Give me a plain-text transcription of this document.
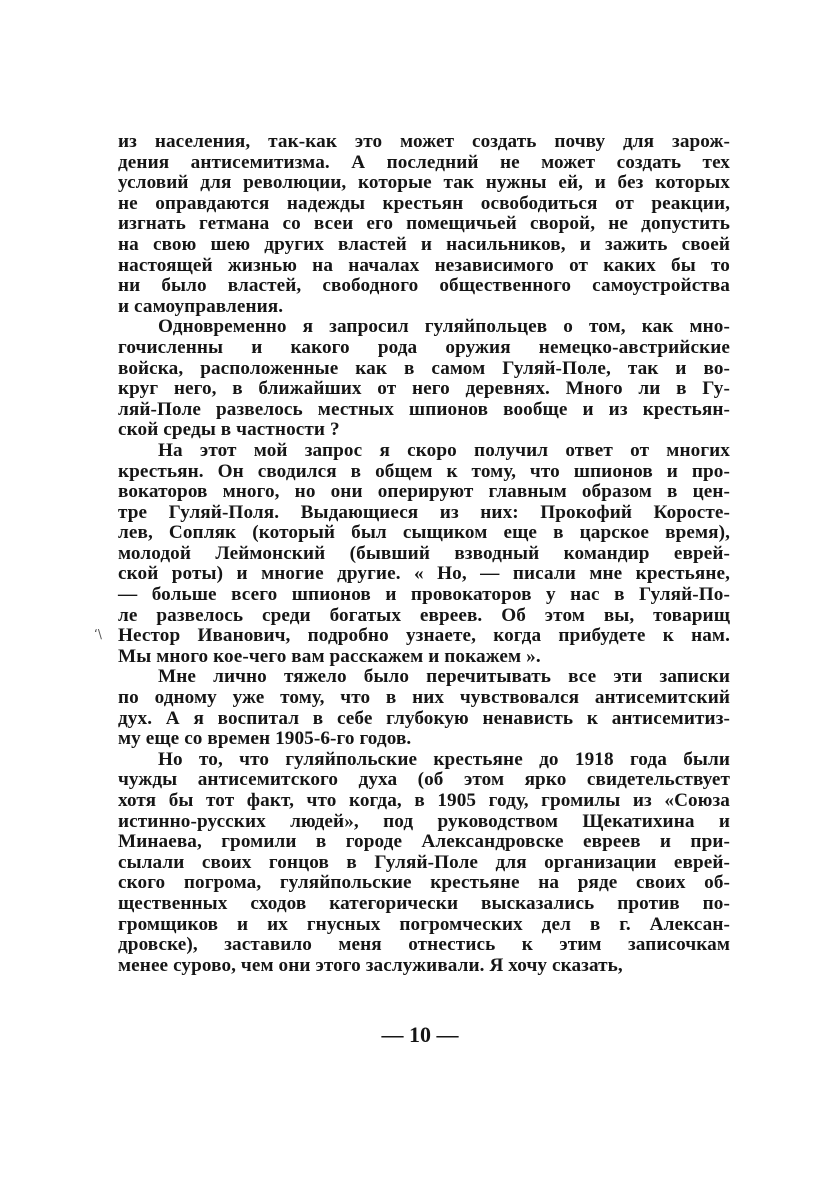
из населения, так-как это может создать почву для зарож-
дения антисемитизма. А последний не может создать тех
условий для революции, которые так нужны ей, и без которых
не оправдаются надежды крестьян освободиться от реакции,
изгнать гетмана со всеи его помещичьей сворой, не допустить
на свою шею других властей и насильников, и зажить своей
настоящей жизнью на началах независимого от каких бы то
ни было властей, свободного общественного самоустройства
и самоуправления.
Одновременно я запросил гуляйпольцев о том, как мно-
гочисленны и какого рода оружия немецко-австрийские
войска, расположенные как в самом Гуляй-Поле, так и во-
круг него, в ближайших от него деревнях. Много ли в Гу-
ляй-Поле развелось местных шпионов вообще и из крестьян-
ской среды в частности ?
На этот мой запрос я скоро получил ответ от многих
крестьян. Он сводился в общем к тому, что шпионов и про-
вокаторов много, но они оперируют главным образом в цен-
тре Гуляй-Поля. Выдающиеся из них: Прокофий Коросте-
лев, Сопляк (который был сыщиком еще в царское время),
молодой Леймонский (бывший взводный командир еврей-
ской роты) и многие другие. « Но, — писали мне крестьяне,
— больше всего шпионов и провокаторов у нас в Гуляй-По-
ле развелось среди богатых евреев. Об этом вы, товарищ
Нестор Иванович, подробно узнаете, когда прибудете к нам.
Мы много кое-чего вам расскажем и покажем ».
Мне лично тяжело было перечитывать все эти записки
по одному уже тому, что в них чувствовался антисемитский
дух. А я воспитал в себе глубокую ненависть к антисемитиз-
му еще со времен 1905-6-го годов.
Но то, что гуляйпольские крестьяне до 1918 года были
чужды антисемитского духа (об этом ярко свидетельствует
хотя бы тот факт, что когда, в 1905 году, громилы из «Союза
истинно-русских людей», под руководством Щекатихина и
Минаева, громили в городе Александровске евреев и при-
сылали своих гонцов в Гуляй-Поле для организации еврей-
ского погрома, гуляйпольские крестьяне на ряде своих об-
щественных сходов категорически высказались против по-
громщиков и их гнусных погромческих дел в г. Алексан-
дровске), заставило меня отнестись к этим записочкам
менее сурово, чем они этого заслуживали. Я хочу сказать,
ʻ\
— 10 —
